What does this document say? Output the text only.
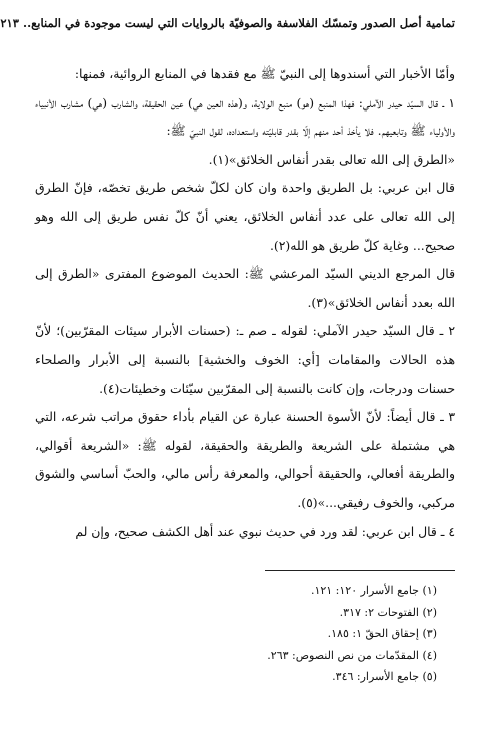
تمامية أصل الصدور وتمسّك الفلاسفة والصوفيّة بالروايات التي ليست موجودة في المنابع.. ٢١٣

وأمّا الأخبار التي أسندوها إلى النبيّ ﷺ مع فقدها في المنابع الروائية، فمنها:

١ ـ قال السيّد حيدر الآملي: فهذا المنبع (هو) منبع الولاية، و(هذه العين هي) عين الحقيقة، والشارب (هي) مشارب الأنبياء والأولياء ﷺ وتابعيهم. فلا يأخذ أحد منهم إلّا بقدر قابليّته واستعداده، لقول النبيّ ﷺ:

«الطرق إلى الله تعالى بقدر أنفاس الخلائق»(١).

قال ابن عربي: بل الطريق واحدة وان كان لكلّ شخص طريق تخصّه، فإنّ الطرق إلى الله تعالى على عدد أنفاس الخلائق، يعني أنّ كلّ نفس طريق إلى الله وهو صحيح... وغاية كلّ طريق هو الله(٢).

قال المرجع الديني السيّد المرعشي ﷺ: الحديث الموضوع المفترى «الطرق إلى الله بعدد أنفاس الخلائق»(٣).

٢ ـ قال السيّد حيدر الآملي: لقوله ـ صم ـ: (حسنات الأبرار سيئات المقرّبين)؛ لأنّ هذه الحالات والمقامات [أي: الخوف والخشية] بالنسبة إلى الأبرار والصلحاء حسنات ودرجات، وإن كانت بالنسبة إلى المقرّبين سيّئات وخطيئات(٤).

٣ ـ قال أيضاً: لأنّ الأسوة الحسنة عبارة عن القيام بأداء حقوق مراتب شرعه، التي هي مشتملة على الشريعة والطريقة والحقيقة، لقوله ﷺ: «الشريعة أقوالي، والطريقة أفعالي، والحقيقة أحوالي، والمعرفة رأس مالي، والحبّ أساسي والشوق مركبي، والخوف رفيقي...»(٥).

٤ ـ قال ابن عربي: لقد ورد في حديث نبوي عند أهل الكشف صحيح، وإن لم

(١) جامع الأسرار ١٢٠: ١٢١.
(٢) الفتوحات ٢: ٣١٧.
(٣) إحقاق الحقّ ١: ١٨٥.
(٤) المقدّمات من نص النصوص: ٢٦٣.
(٥) جامع الأسرار: ٣٤٦.
